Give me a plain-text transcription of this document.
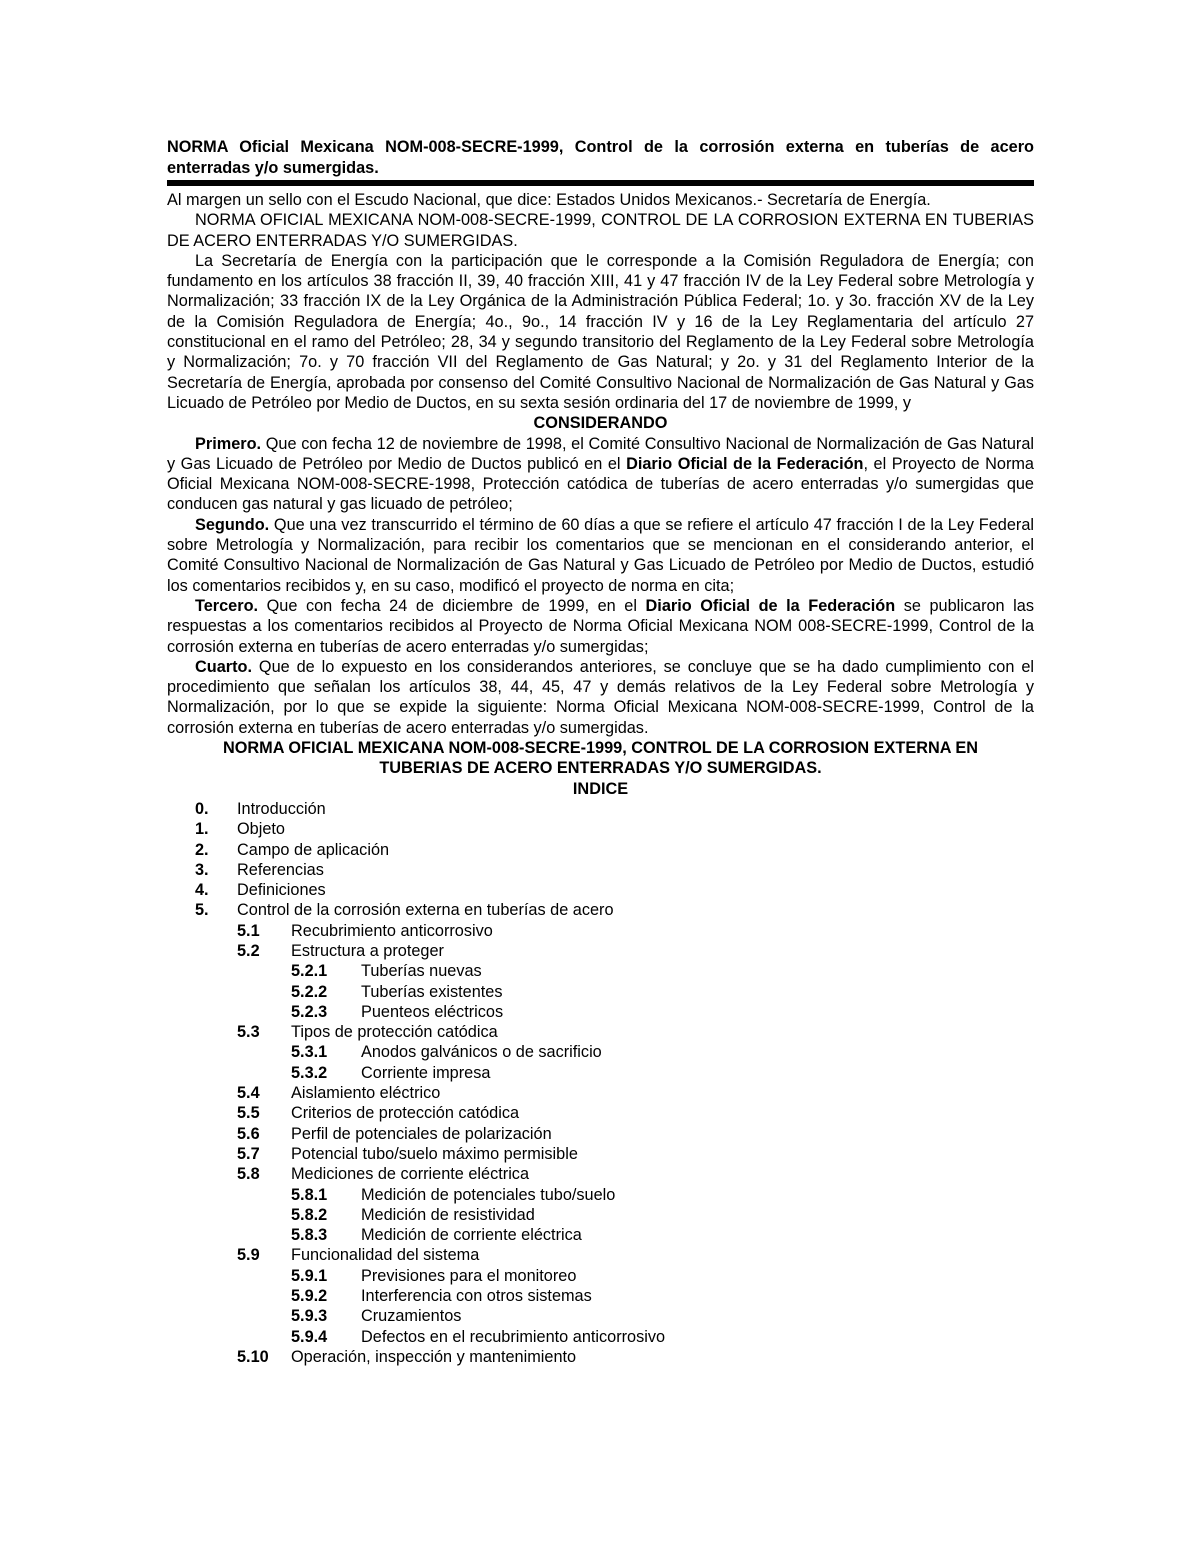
NORMA Oficial Mexicana NOM-008-SECRE-1999, Control de la corrosión externa en tuberías de acero enterradas y/o sumergidas.

Al margen un sello con el Escudo Nacional, que dice: Estados Unidos Mexicanos.- Secretaría de Energía.

NORMA OFICIAL MEXICANA NOM-008-SECRE-1999, CONTROL DE LA CORROSION EXTERNA EN TUBERIAS DE ACERO ENTERRADAS Y/O SUMERGIDAS.

La Secretaría de Energía con la participación que le corresponde a la Comisión Reguladora de Energía; con fundamento en los artículos 38 fracción II, 39, 40 fracción XIII, 41 y 47 fracción IV de la Ley Federal sobre Metrología y Normalización; 33 fracción IX de la Ley Orgánica de la Administración Pública Federal; 1o. y 3o. fracción XV de la Ley de la Comisión Reguladora de Energía; 4o., 9o., 14 fracción IV y 16 de la Ley Reglamentaria del artículo 27 constitucional en el ramo del Petróleo; 28, 34 y segundo transitorio del Reglamento de la Ley Federal sobre Metrología y Normalización; 7o. y 70 fracción VII del Reglamento de Gas Natural; y 2o. y 31 del Reglamento Interior de la Secretaría de Energía, aprobada por consenso del Comité Consultivo Nacional de Normalización de Gas Natural y Gas Licuado de Petróleo por Medio de Ductos, en su sexta sesión ordinaria del 17 de noviembre de 1999, y

CONSIDERANDO

Primero. Que con fecha 12 de noviembre de 1998, el Comité Consultivo Nacional de Normalización de Gas Natural y Gas Licuado de Petróleo por Medio de Ductos publicó en el Diario Oficial de la Federación, el Proyecto de Norma Oficial Mexicana NOM-008-SECRE-1998, Protección catódica de tuberías de acero enterradas y/o sumergidas que conducen gas natural y gas licuado de petróleo;

Segundo. Que una vez transcurrido el término de 60 días a que se refiere el artículo 47 fracción I de la Ley Federal sobre Metrología y Normalización, para recibir los comentarios que se mencionan en el considerando anterior, el Comité Consultivo Nacional de Normalización de Gas Natural y Gas Licuado de Petróleo por Medio de Ductos, estudió los comentarios recibidos y, en su caso, modificó el proyecto de norma en cita;

Tercero. Que con fecha 24 de diciembre de 1999, en el Diario Oficial de la Federación se publicaron las respuestas a los comentarios recibidos al Proyecto de Norma Oficial Mexicana NOM 008-SECRE-1999, Control de la corrosión externa en tuberías de acero enterradas y/o sumergidas;

Cuarto. Que de lo expuesto en los considerandos anteriores, se concluye que se ha dado cumplimiento con el procedimiento que señalan los artículos 38, 44, 45, 47 y demás relativos de la Ley Federal sobre Metrología y Normalización, por lo que se expide la siguiente: Norma Oficial Mexicana NOM-008-SECRE-1999, Control de la corrosión externa en tuberías de acero enterradas y/o sumergidas.

NORMA OFICIAL MEXICANA NOM-008-SECRE-1999, CONTROL DE LA CORROSION EXTERNA EN TUBERIAS DE ACERO ENTERRADAS Y/O SUMERGIDAS.

INDICE

0.	Introducción
1.	Objeto
2.	Campo de aplicación
3.	Referencias
4.	Definiciones
5.	Control de la corrosión externa en tuberías de acero
5.1	Recubrimiento anticorrosivo
5.2	Estructura a proteger
5.2.1	Tuberías nuevas
5.2.2	Tuberías existentes
5.2.3	Puenteos eléctricos
5.3	Tipos de protección catódica
5.3.1	Anodos galvánicos o de sacrificio
5.3.2	Corriente impresa
5.4	Aislamiento eléctrico
5.5	Criterios de protección catódica
5.6	Perfil de potenciales de polarización
5.7	Potencial tubo/suelo máximo permisible
5.8	Mediciones de corriente eléctrica
5.8.1	Medición de potenciales tubo/suelo
5.8.2	Medición de resistividad
5.8.3	Medición de corriente eléctrica
5.9	Funcionalidad del sistema
5.9.1	Previsiones para el monitoreo
5.9.2	Interferencia con otros sistemas
5.9.3	Cruzamientos
5.9.4	Defectos en el recubrimiento anticorrosivo
5.10	Operación, inspección y mantenimiento
